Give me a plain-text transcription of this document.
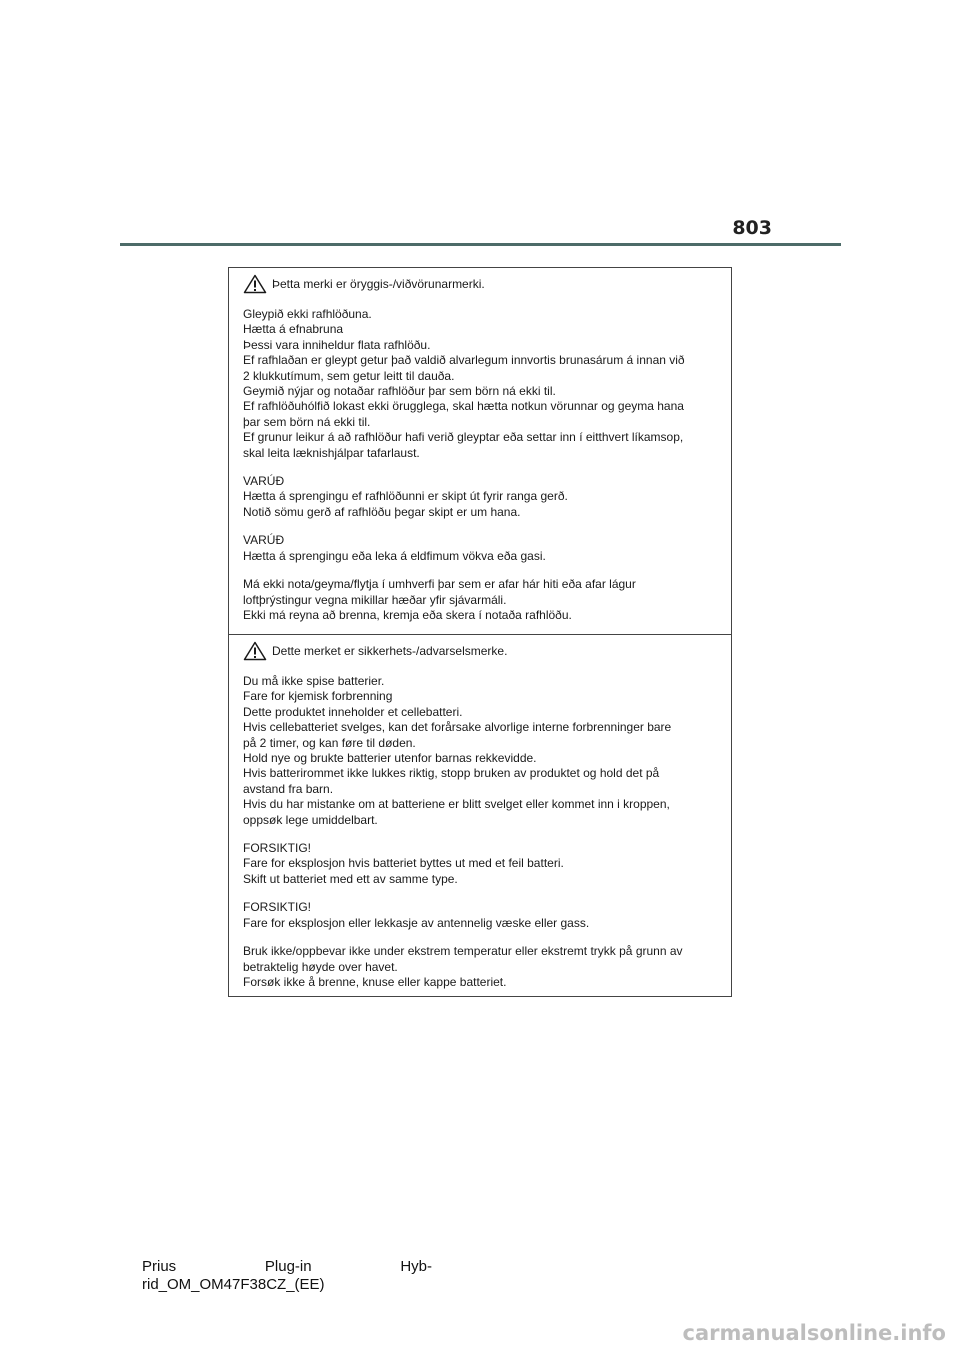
803
Þetta merki er öryggis-/viðvörunarmerki.

Gleypið ekki rafhlöðuna.
Hætta á efnabruna
Þessi vara inniheldur flata rafhlöðu.
Ef rafhlaðan er gleypt getur það valdið alvarlegum innvortis brunasárum á innan við
2 klukkutímum, sem getur leitt til dauða.
Geymið nýjar og notaðar rafhlöður þar sem börn ná ekki til.
Ef rafhlöðuhólfið lokast ekki örugglega, skal hætta notkun vörunnar og geyma hana
þar sem börn ná ekki til.
Ef grunur leikur á að rafhlöður hafi verið gleyptar eða settar inn í eitthvert líkamsop,
skal leita læknishjálpar tafarlaust.

VARÚÐ
Hætta á sprengingu ef rafhlöðunni er skipt út fyrir ranga gerð.
Notið sömu gerð af rafhlöðu þegar skipt er um hana.

VARÚÐ
Hætta á sprengingu eða leka á eldfimum vökva eða gasi.

Má ekki nota/geyma/flytja í umhverfi þar sem er afar hár hiti eða afar lágur
loftþrýstingur vegna mikillar hæðar yfir sjávarmáli.
Ekki má reyna að brenna, kremja eða skera í notaða rafhlöðu.

Dette merket er sikkerhets-/advarselsmerke.

Du må ikke spise batterier.
Fare for kjemisk forbrenning
Dette produktet inneholder et cellebatteri.
Hvis cellebatteriet svelges, kan det forårsake alvorlige interne forbrenninger bare
på 2 timer, og kan føre til døden.
Hold nye og brukte batterier utenfor barnas rekkevidde.
Hvis batterirommet ikke lukkes riktig, stopp bruken av produktet og hold det på
avstand fra barn.
Hvis du har mistanke om at batteriene er blitt svelget eller kommet inn i kroppen,
oppsøk lege umiddelbart.

FORSIKTIG!
Fare for eksplosjon hvis batteriet byttes ut med et feil batteri.
Skift ut batteriet med ett av samme type.

FORSIKTIG!
Fare for eksplosjon eller lekkasje av antennelig væske eller gass.

Bruk ikke/oppbevar ikke under ekstrem temperatur eller ekstremt trykk på grunn av
betraktelig høyde over havet.
Forsøk ikke å brenne, knuse eller kappe batteriet.

Prius	Plug-in	Hyb-
rid_OM_OM47F38CZ_(EE)
carmanualsonline.info
